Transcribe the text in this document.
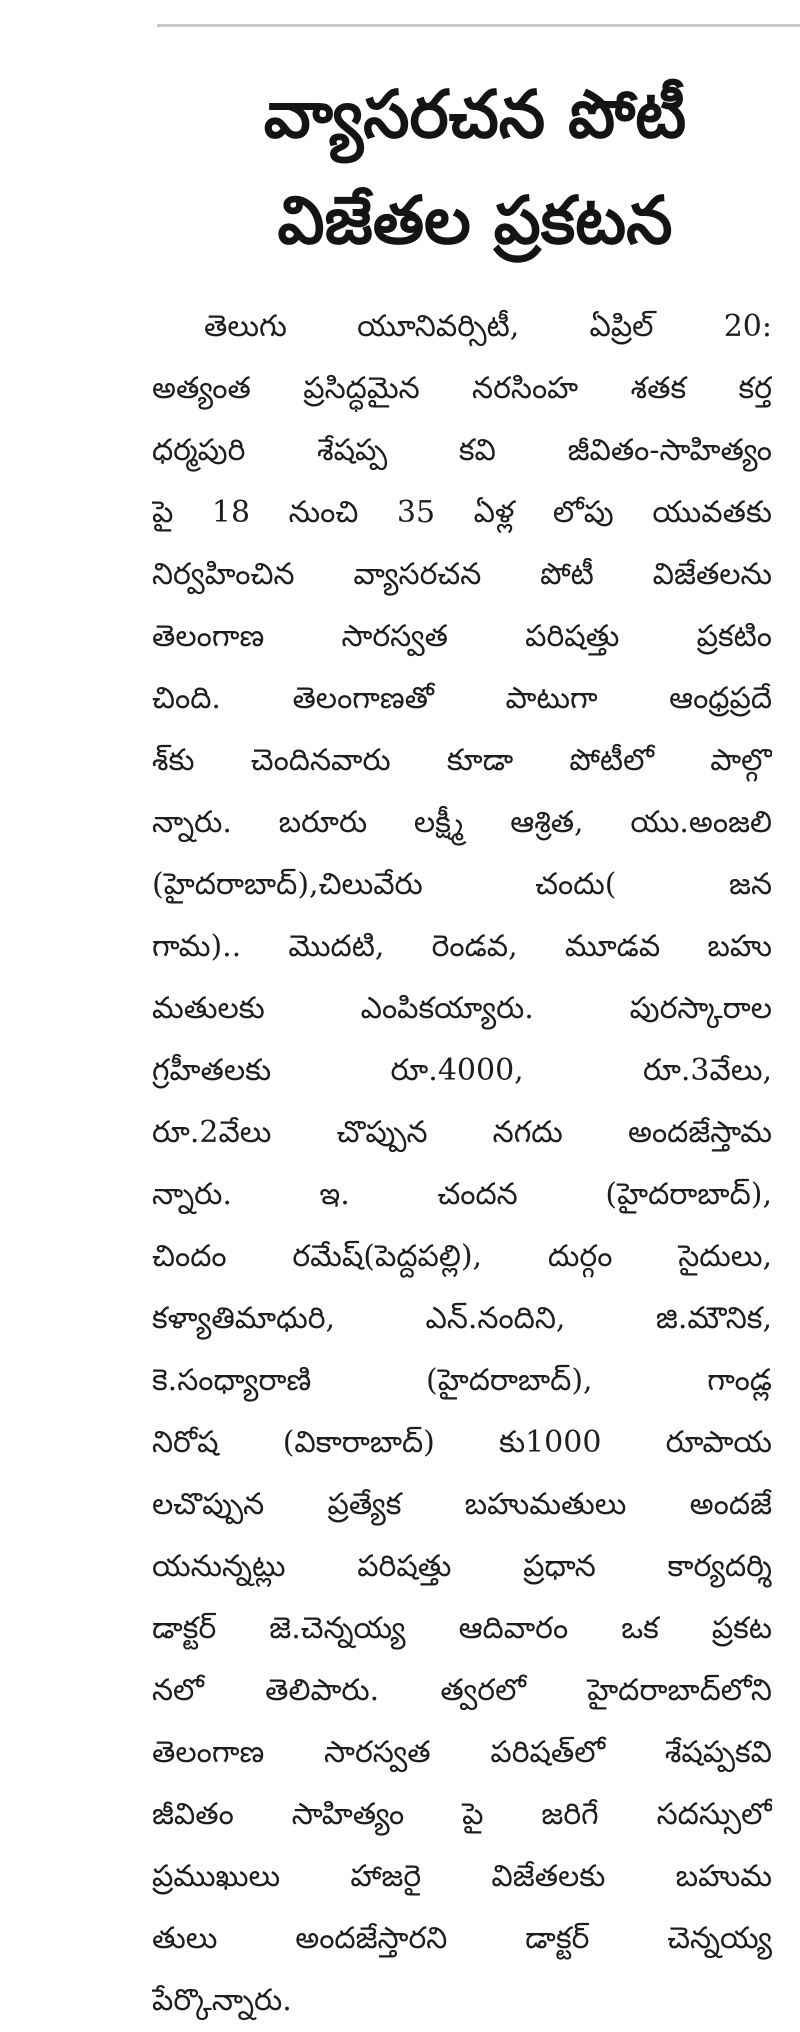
వ్యాసరచన పోటీ
విజేతల ప్రకటన
తెలుగు యూనివర్సిటీ, ఏప్రిల్ 20:
అత్యంత ప్రసిద్ధమైన నరసింహ శతక కర్త
ధర్మపురి శేషప్ప కవి జీవితం-సాహిత్యం
పై 18 నుంచి 35 ఏళ్ల లోపు యువతకు
నిర్వహించిన వ్యాసరచన పోటీ విజేతలను
తెలంగాణ సారస్వత పరిషత్తు ప్రకటిం
చింది. తెలంగాణతో పాటుగా ఆంధ్రప్రదే
శ్‌కు చెందినవారు కూడా పోటీలో పాల్గొ
న్నారు. బరూరు లక్ష్మీ ఆశ్రిత, యు.అంజలి
(హైదరాబాద్),చిలువేరు చందు( జన
గామ).. మొదటి, రెండవ, మూడవ బహు
మతులకు ఎంపికయ్యారు. పురస్కారాల
గ్రహీతలకు రూ.4000, రూ.3వేలు,
రూ.2వేలు చొప్పున నగదు అందజేస్తామ
న్నారు. ఇ. చందన (హైదరాబాద్),
చిందం రమేష్(పెద్దపల్లి), దుర్గం సైదులు,
కళ్యాతిమాధురి, ఎన్.నందిని, జి.మౌనిక,
కె.సంధ్యారాణి (హైదరాబాద్), గాండ్ల
నిరోష (వికారాబాద్) కు1000 రూపాయ
లచొప్పున ప్రత్యేక బహుమతులు అందజే
యనున్నట్లు పరిషత్తు ప్రధాన కార్యదర్శి
డాక్టర్ జె.చెన్నయ్య ఆదివారం ఒక ప్రకట
నలో తెలిపారు. త్వరలో హైదరాబాద్‌లోని
తెలంగాణ సారస్వత పరిషత్‌లో శేషప్పకవి
జీవితం సాహిత్యం పై జరిగే సదస్సులో
ప్రముఖులు హాజరై విజేతలకు బహుమ
తులు అందజేస్తారని డాక్టర్ చెన్నయ్య
పేర్కొన్నారు.
